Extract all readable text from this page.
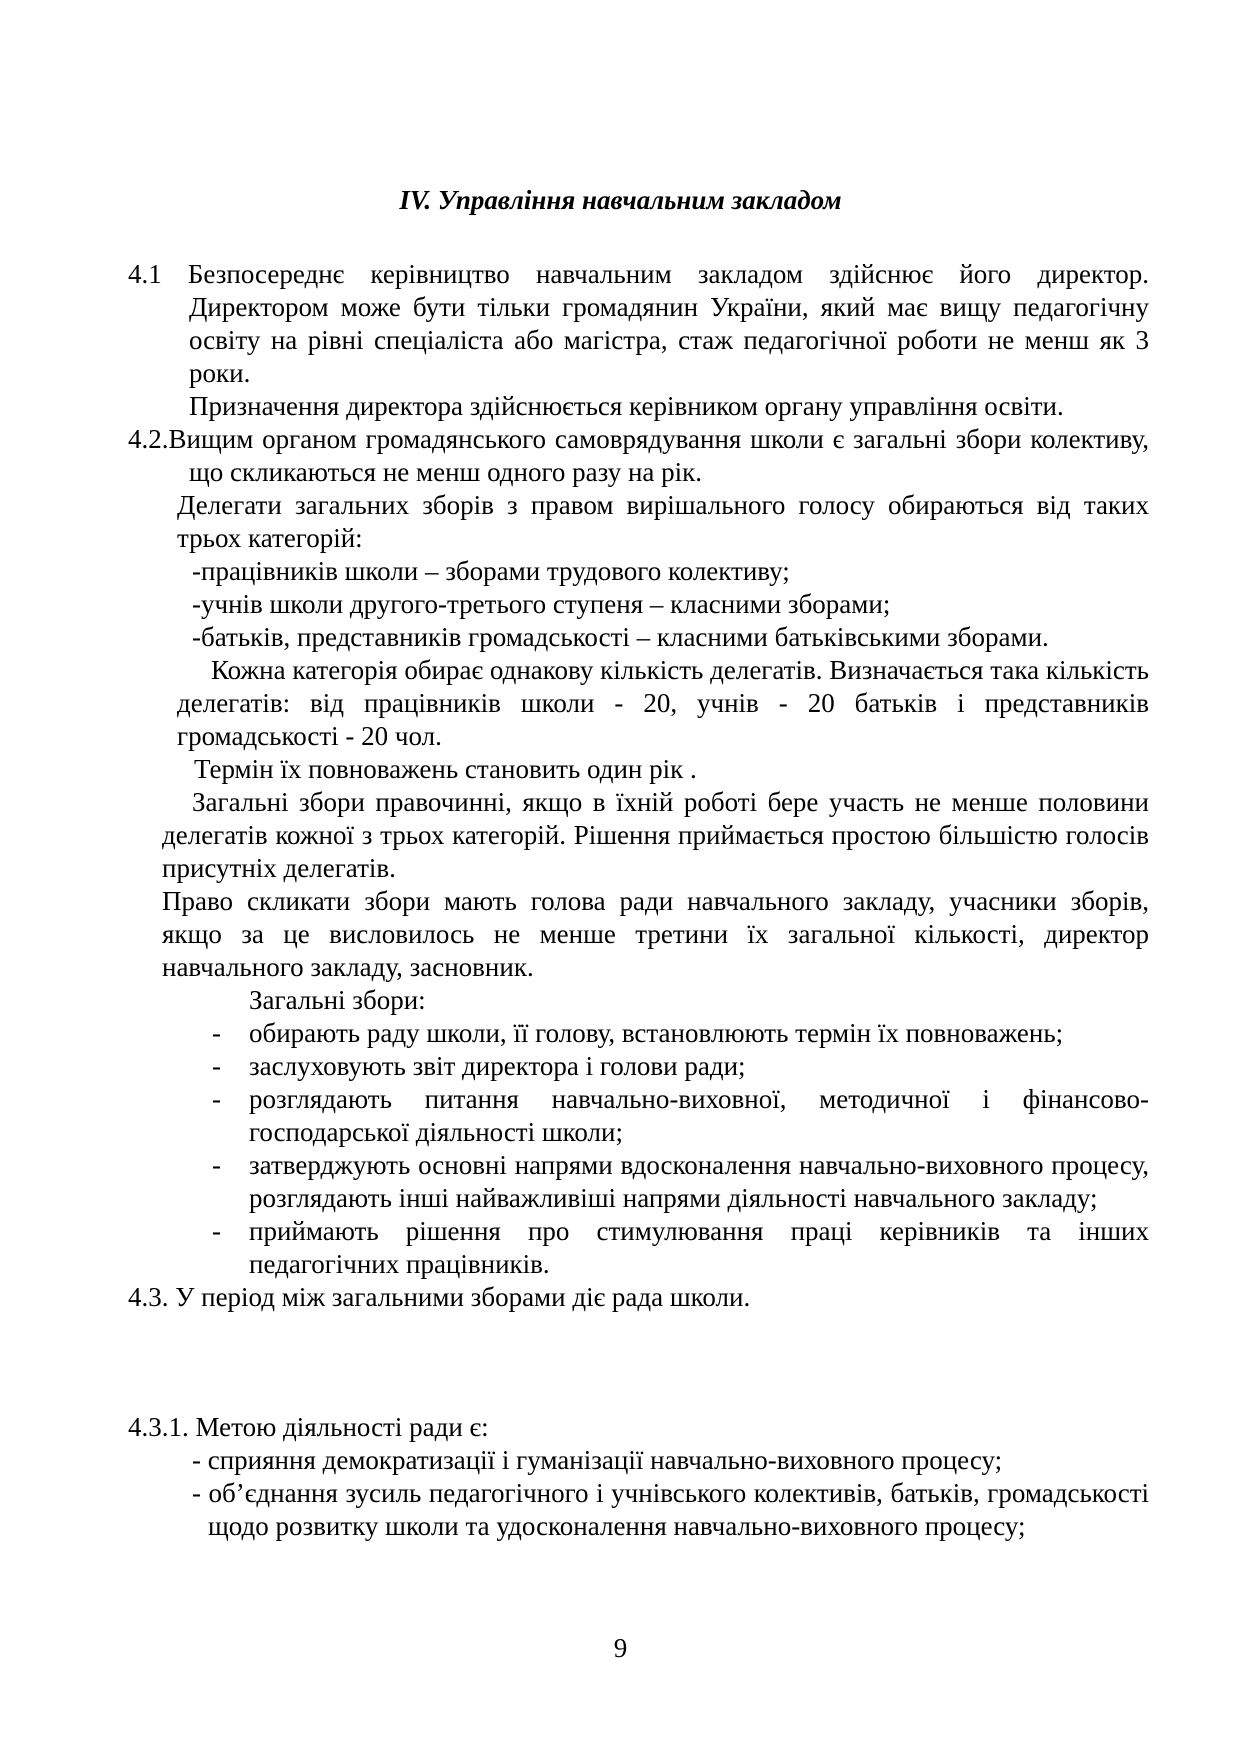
IV. Управління навчальним закладом

4.1 Безпосереднє керівництво навчальним закладом здійснює його директор. Директором може бути тільки громадянин України, який має вищу педагогічну освіту на рівні спеціаліста або магістра, стаж педагогічної роботи не менш як 3 роки.

Призначення директора здійснюється керівником органу управління освіти.

4.2.Вищим органом громадянського самоврядування школи є загальні збори колективу, що скликаються не менш одного разу на рік.

Делегати загальних зборів з правом вирішального голосу обираються від таких трьох категорій:

-працівників школи – зборами трудового колективу;

-учнів школи другого-третього ступеня – класними зборами;

-батьків, представників громадськості – класними батьківськими зборами.

Кожна категорія обирає однакову кількість делегатів. Визначається така кількість делегатів: від працівників школи - 20, учнів - 20 батьків і представників громадськості - 20 чол.

Термін їх повноважень становить один рік .

Загальні збори правочинні, якщо в їхній роботі бере участь не менше половини делегатів кожної з трьох категорій. Рішення приймається простою більшістю голосів присутніх делегатів.

Право скликати збори мають голова ради навчального закладу, учасники зборів, якщо за це висловилось не менше третини їх загальної кількості, директор навчального закладу, засновник.

Загальні збори:

- обирають раду школи, її голову, встановлюють термін їх повноважень;
- заслуховують звіт директора і голови ради;
- розглядають питання навчально-виховної, методичної і фінансово-господарської діяльності школи;
- затверджують основні напрями вдосконалення навчально-виховного процесу, розглядають інші найважливіші напрями діяльності навчального закладу;
- приймають рішення про стимулювання праці керівників та інших педагогічних працівників.

4.3. У період між загальними зборами діє рада школи.

4.3.1. Метою діяльності ради є:

- сприяння демократизації і гуманізації навчально-виховного процесу;

- об’єднання зусиль педагогічного і учнівського колективів, батьків, громадськості щодо розвитку школи та удосконалення навчально-виховного процесу;

9
